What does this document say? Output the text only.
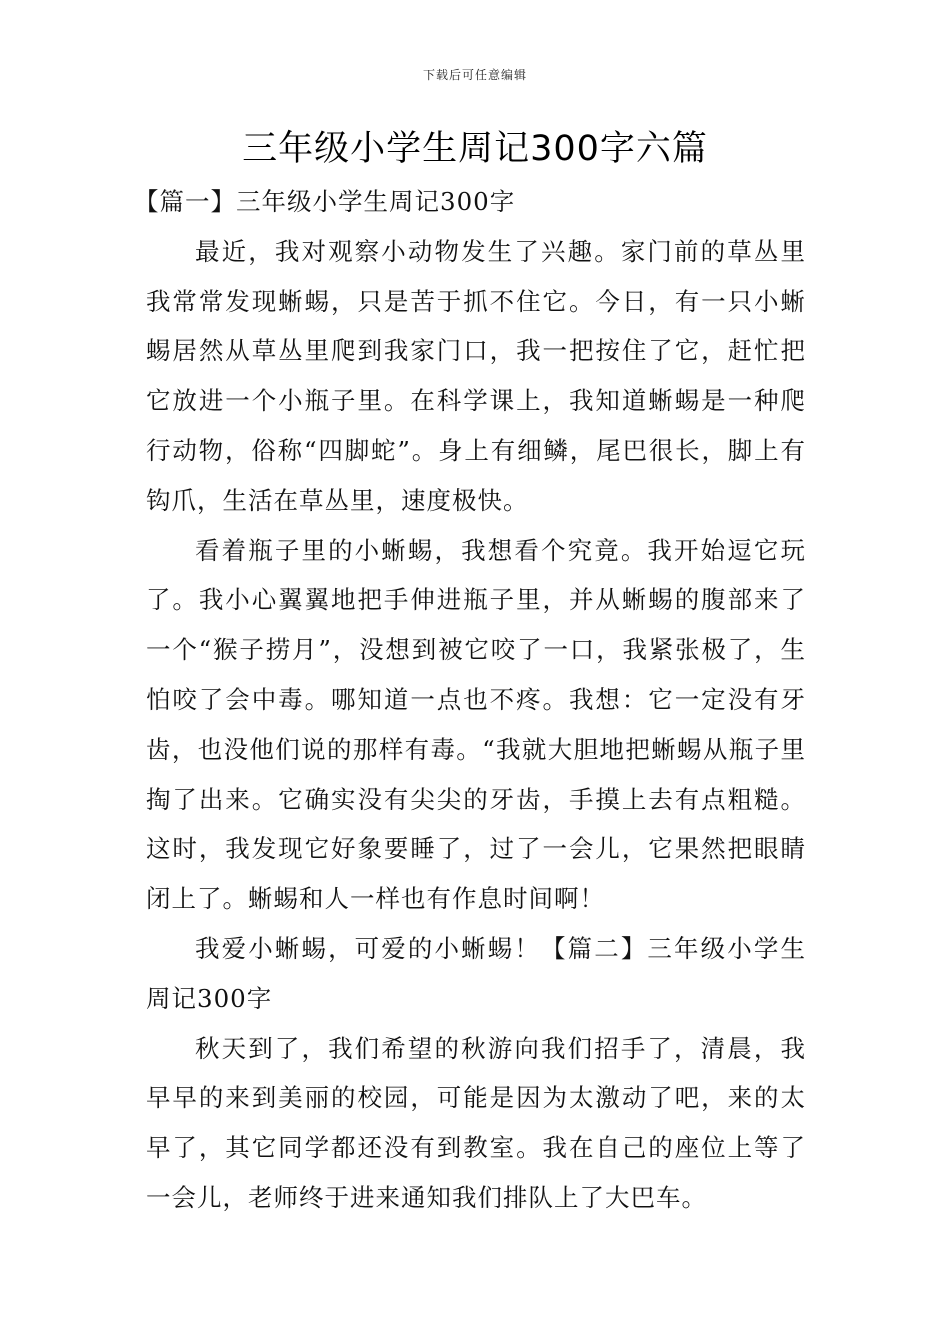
下载后可任意编辑
三年级小学生周记300字六篇

【篇一】三年级小学生周记300字

最近，我对观察小动物发生了兴趣。家门前的草丛里我常常发现蜥蜴，只是苦于抓不住它。今日，有一只小蜥蜴居然从草丛里爬到我家门口，我一把按住了它，赶忙把它放进一个小瓶子里。在科学课上，我知道蜥蜴是一种爬行动物，俗称“四脚蛇”。身上有细鳞，尾巴很长，脚上有钩爪，生活在草丛里，速度极快。

看着瓶子里的小蜥蜴，我想看个究竟。我开始逗它玩了。我小心翼翼地把手伸进瓶子里，并从蜥蜴的腹部来了一个“猴子捞月”，没想到被它咬了一口，我紧张极了，生怕咬了会中毒。哪知道一点也不疼。我想：它一定没有牙齿，也没他们说的那样有毒。“我就大胆地把蜥蜴从瓶子里掏了出来。它确实没有尖尖的牙齿，手摸上去有点粗糙。这时，我发现它好象要睡了，过了一会儿，它果然把眼睛闭上了。蜥蜴和人一样也有作息时间啊！

我爱小蜥蜴，可爱的小蜥蜴！【篇二】三年级小学生周记300字

秋天到了，我们希望的秋游向我们招手了，清晨，我早早的来到美丽的校园，可能是因为太激动了吧，来的太早了，其它同学都还没有到教室。我在自己的座位上等了一会儿，老师终于进来通知我们排队上了大巴车。
